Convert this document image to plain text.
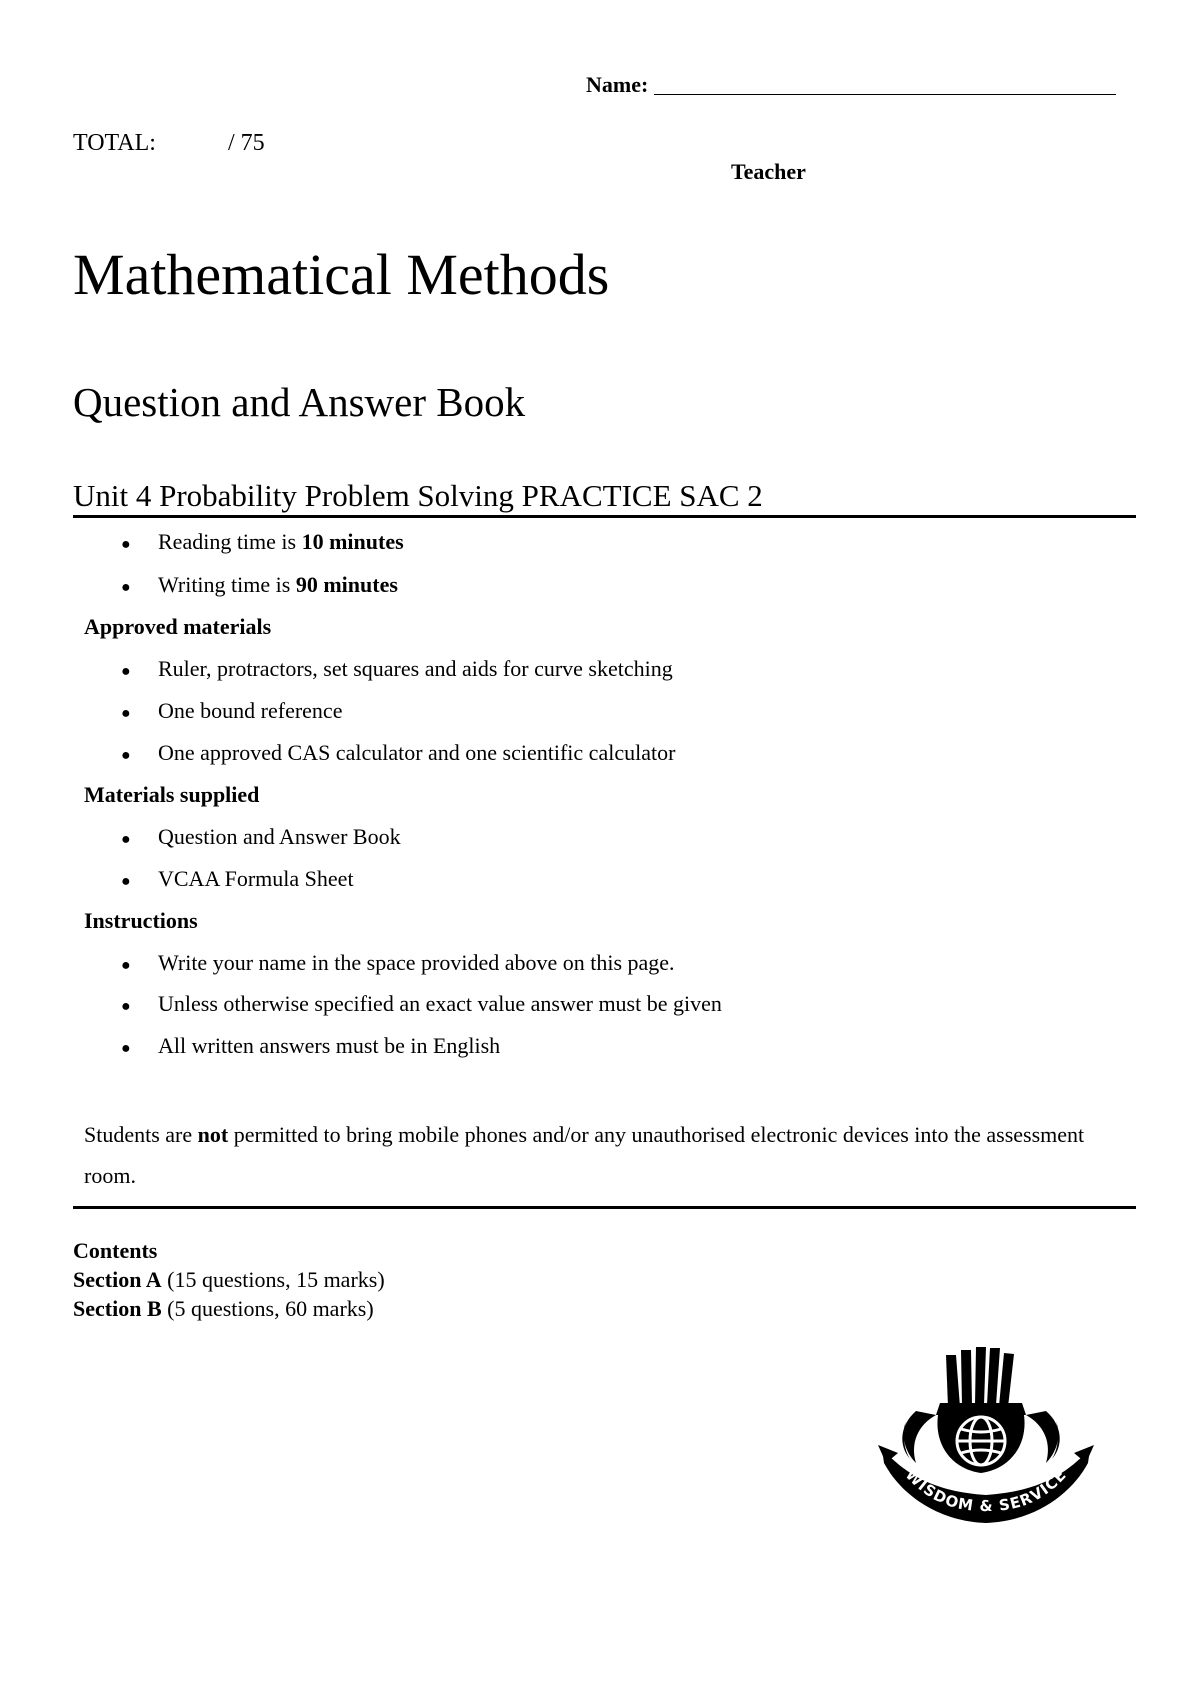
Name:
TOTAL:	/ 75
Teacher
Mathematical Methods
Question and Answer Book
Unit 4 Probability Problem Solving PRACTICE SAC 2
● Reading time is 10 minutes
● Writing time is 90 minutes
Approved materials
● Ruler, protractors, set squares and aids for curve sketching
● One bound reference
● One approved CAS calculator and one scientific calculator
Materials supplied
● Question and Answer Book
● VCAA Formula Sheet
Instructions
● Write your name in the space provided above on this page.
● Unless otherwise specified an exact value answer must be given
● All written answers must be in English
Students are not permitted to bring mobile phones and/or any unauthorised electronic devices into the assessment room.
Contents
Section A (15 questions, 15 marks)
Section B (5 questions, 60 marks)
WISDOM & SERVICE
